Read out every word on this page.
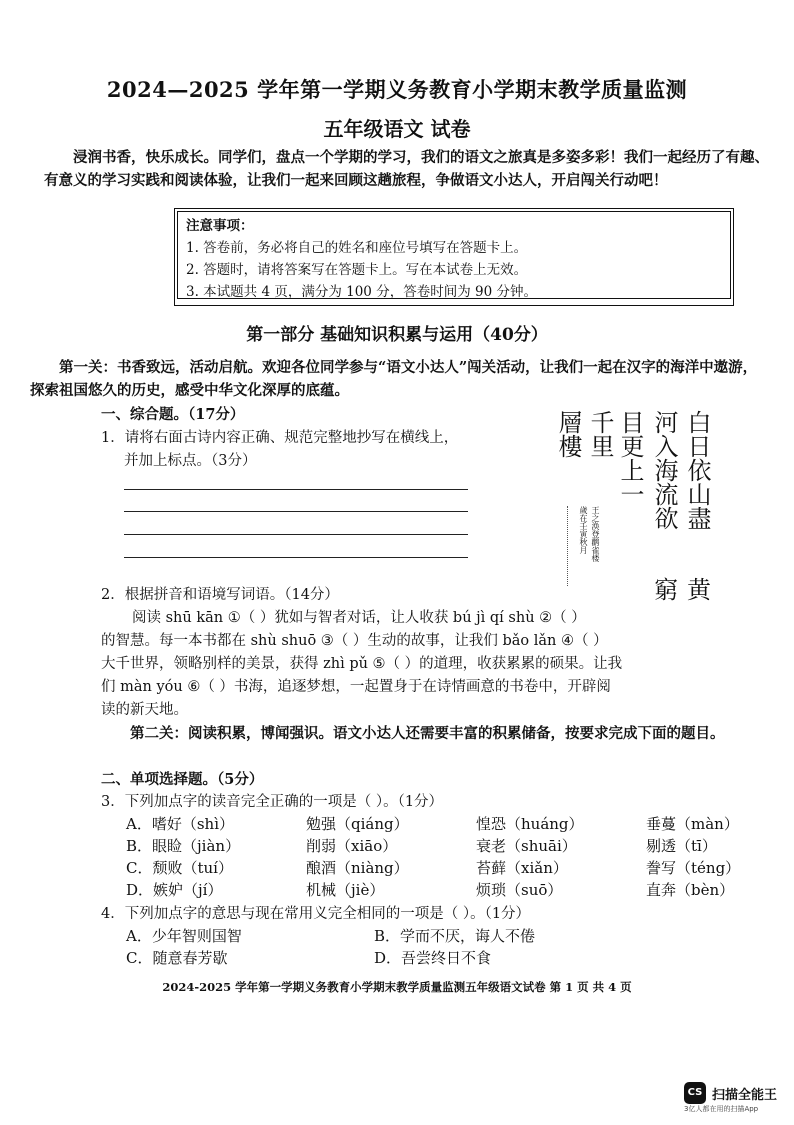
2024—2025 学年第一学期义务教育小学期末教学质量监测
五年级语文 试卷
浸润书香，快乐成长。同学们，盘点一个学期的学习，我们的语文之旅真是多姿多彩！我们一起经历了有趣、有意义的学习实践和阅读体验，让我们一起来回顾这趟旅程，争做语文小达人，开启闯关行动吧！
注意事项：
1. 答卷前，务必将自己的姓名和座位号填写在答题卡上。
2. 答题时，请将答案写在答题卡上。写在本试卷上无效。
3. 本试题共 4 页，满分为 100 分，答卷时间为 90 分钟。
第一部分 基础知识积累与运用（40分）
第一关：书香致远，活动启航。欢迎各位同学参与“语文小达人”闯关活动，让我们一起在汉字的海洋中遨游，探索祖国悠久的历史，感受中华文化深厚的底蕴。
一、综合题。（17分）
1．请将右面古诗内容正确、规范完整地抄写在横线上，
并加上标点。（3分）	白日依山盡
河入海流欲
千里 目更上一
窮 黄
層樓
王之涣登鹳雀楼
歲在壬寅秋月
2．根据拼音和语境写词语。（14分）
阅读 shū kān ①（ ）犹如与智者对话，让人收获 bú jì qí shù ②（ ）
的智慧。每一本书都在 shù shuō ③（ ）生动的故事，让我们 bǎo lǎn ④（ ）
大千世界，领略别样的美景，获得 zhì pǔ ⑤（ ）的道理，收获累累的硕果。让我
们 màn yóu ⑥（ ）书海，追逐梦想，一起置身于在诗情画意的书卷中，开辟阅
读的新天地。
第二关：阅读积累，博闻强识。语文小达人还需要丰富的积累储备，按要求完成下面的题目。
二、单项选择题。（5分）
3．下列加点字的读音完全正确的一项是（ ）。（1分）
A．嗜好（shì）	勉强（qiáng）	惶恐（huáng）	垂蔓（màn）
B．眼睑（jiàn）	削弱（xiāo）	衰老（shuāi）	剔透（tī）
C．颓败（tuí）	酿酒（niàng）	苔藓（xiǎn）	誊写（téng）
D．嫉妒（jí）	机械（jiè）	烦琐（suō）	直奔（bèn）
4．下列加点字的意思与现在常用义完全相同的一项是（ ）。（1分）
A．少年智则国智	B．学而不厌，诲人不倦
C．随意春芳歇	D．吾尝终日不食
2024-2025 学年第一学期义务教育小学期末教学质量监测五年级语文试卷 第 1 页 共 4 页
CS 扫描全能王
3亿人都在用的扫描App
